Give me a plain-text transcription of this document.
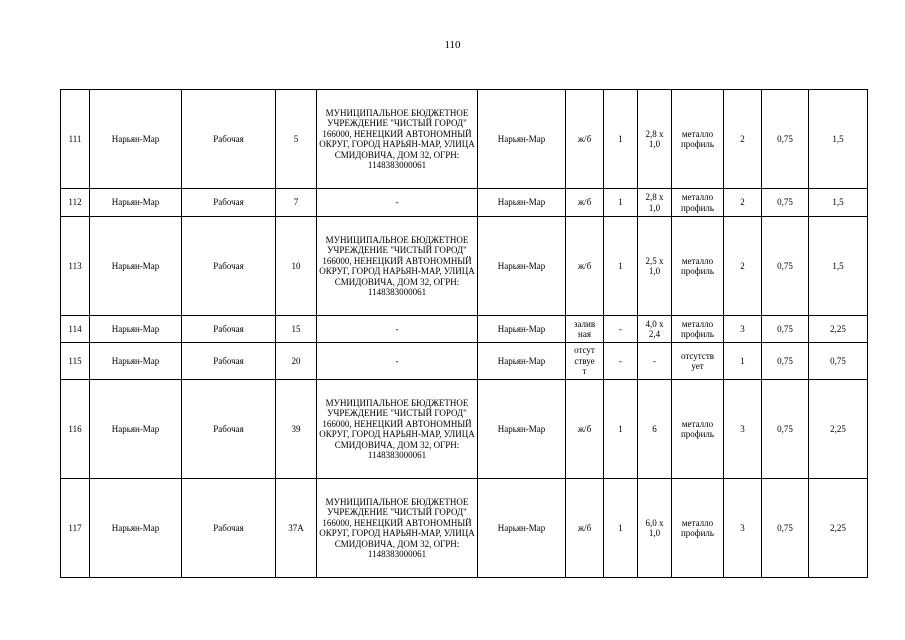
110
111	Нарьян-Мар	Рабочая	5	МУНИЦИПАЛЬНОЕ БЮДЖЕТНОЕ УЧРЕЖДЕНИЕ "ЧИСТЫЙ ГОРОД" 166000, НЕНЕЦКИЙ АВТОНОМНЫЙ ОКРУГ, ГОРОД НАРЬЯН-МАР, УЛИЦА СМИДОВИЧА, ДОМ 32, ОГРН: 1148383000061	Нарьян-Мар	ж/б	1	2,8 x
1,0	металло
профиль	2	0,75	1,5
112	Нарьян-Мар	Рабочая	7	-	Нарьян-Мар	ж/б	1	2,8 x
1,0	металло
профиль	2	0,75	1,5
113	Нарьян-Мар	Рабочая	10	МУНИЦИПАЛЬНОЕ БЮДЖЕТНОЕ УЧРЕЖДЕНИЕ "ЧИСТЫЙ ГОРОД" 166000, НЕНЕЦКИЙ АВТОНОМНЫЙ ОКРУГ, ГОРОД НАРЬЯН-МАР, УЛИЦА СМИДОВИЧА, ДОМ 32, ОГРН: 1148383000061	Нарьян-Мар	ж/б	1	2,5 x
1,0	металло
профиль	2	0,75	1,5
114	Нарьян-Мар	Рабочая	15	-	Нарьян-Мар	залив
ная	-	4,0 x
2,4	металло
профиль	3	0,75	2,25
115	Нарьян-Мар	Рабочая	20	-	Нарьян-Мар	отсут
ствуе
т	-	-	отсутств
ует	1	0,75	0,75
116	Нарьян-Мар	Рабочая	39	МУНИЦИПАЛЬНОЕ БЮДЖЕТНОЕ УЧРЕЖДЕНИЕ "ЧИСТЫЙ ГОРОД" 166000, НЕНЕЦКИЙ АВТОНОМНЫЙ ОКРУГ, ГОРОД НАРЬЯН-МАР, УЛИЦА СМИДОВИЧА, ДОМ 32, ОГРН: 1148383000061	Нарьян-Мар	ж/б	1	6	металло
профиль	3	0,75	2,25
117	Нарьян-Мар	Рабочая	37А	МУНИЦИПАЛЬНОЕ БЮДЖЕТНОЕ УЧРЕЖДЕНИЕ "ЧИСТЫЙ ГОРОД" 166000, НЕНЕЦКИЙ АВТОНОМНЫЙ ОКРУГ, ГОРОД НАРЬЯН-МАР, УЛИЦА СМИДОВИЧА, ДОМ 32, ОГРН: 1148383000061	Нарьян-Мар	ж/б	1	6,0 x
1,0	металло
профиль	3	0,75	2,25
